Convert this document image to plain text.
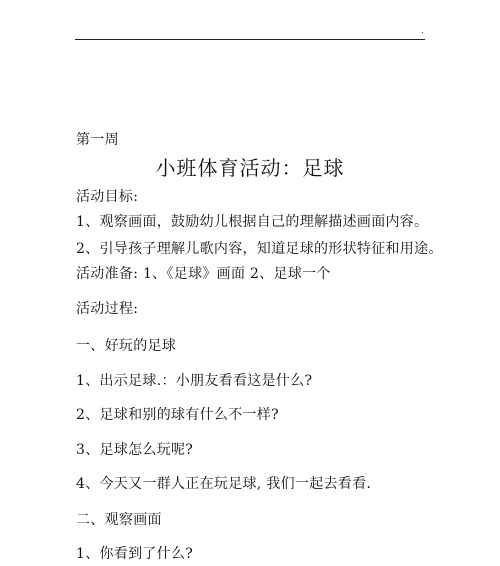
.
第一周
小班体育活动：足球
活动目标:
1、观察画面，鼓励幼儿根据自己的理解描述画面内容。
2、引导孩子理解儿歌内容，知道足球的形状特征和用途。
活动准备: 1、《足球》画面 2、足球一个
活动过程:
一、好玩的足球
1、出示足球.：小朋友看看这是什么?
2、足球和别的球有什么不一样?
3、足球怎么玩呢?
4、今天又一群人正在玩足球, 我们一起去看看.
二、观察画面
1、你看到了什么?
